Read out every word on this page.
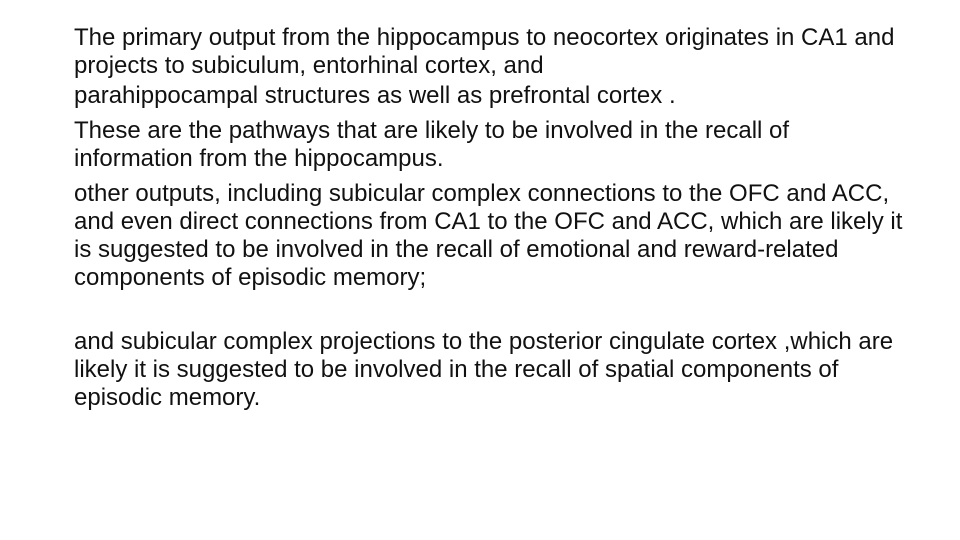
The primary output from the hippocampus to neocortex originates in CA1 and projects to subiculum, entorhinal cortex, and

parahippocampal structures as well as prefrontal cortex .

These are the pathways that are likely to be involved in the recall of information from the hippocampus.

other outputs, including subicular complex connections to the OFC and ACC, and even direct connections from CA1 to the OFC and ACC, which are likely it is suggested to be involved in the recall of emotional and reward-related components of episodic memory;

and subicular complex projections to the posterior cingulate cortex ,which are likely it is suggested to be involved in the recall of spatial components of episodic memory.
